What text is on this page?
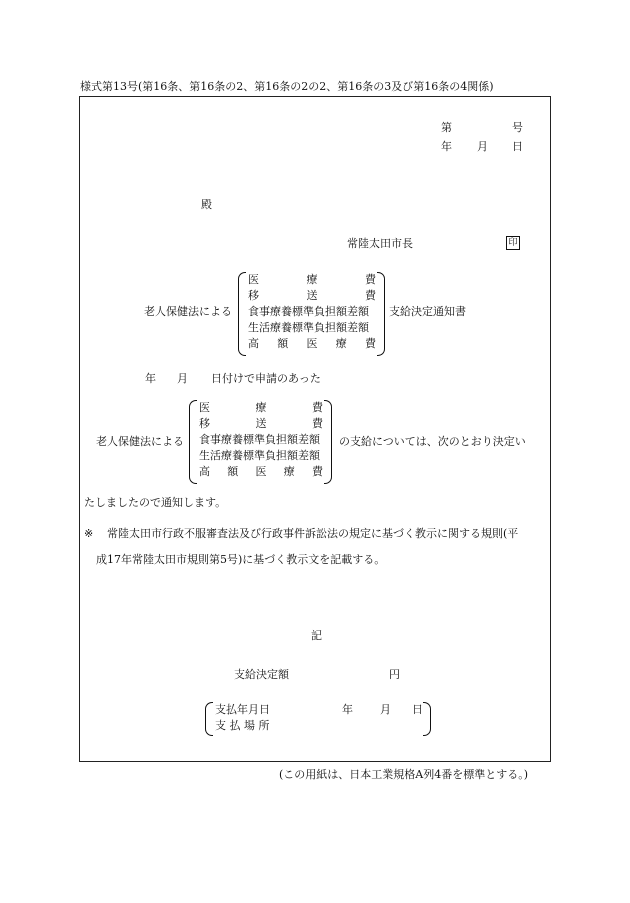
様式第13号(第16条、第16条の2、第16条の2の2、第16条の3及び第16条の4関係)
第	号
年 月 日
殿
常陸太田市長	印
老人保健法による
医	療	費
移	送	費
食事療養標準負担額差額
生活療養標準負担額差額
高 額 医 療 費
支給決定通知書
年 月 日付けで申請のあった
老人保健法による
医	療	費
移	送	費
食事療養標準負担額差額
生活療養標準負担額差額
高 額 医 療 費
の支給については、次のとおり決定い
たしましたので通知します。
※ 常陸太田市行政不服審査法及び行政事件訴訟法の規定に基づく教示に関する規則(平
成17年常陸太田市規則第5号)に基づく教示文を記載する。
記
支給決定額	円
支払年月日	年 月 日
支 払 場 所
(この用紙は、日本工業規格A列4番を標準とする。)
